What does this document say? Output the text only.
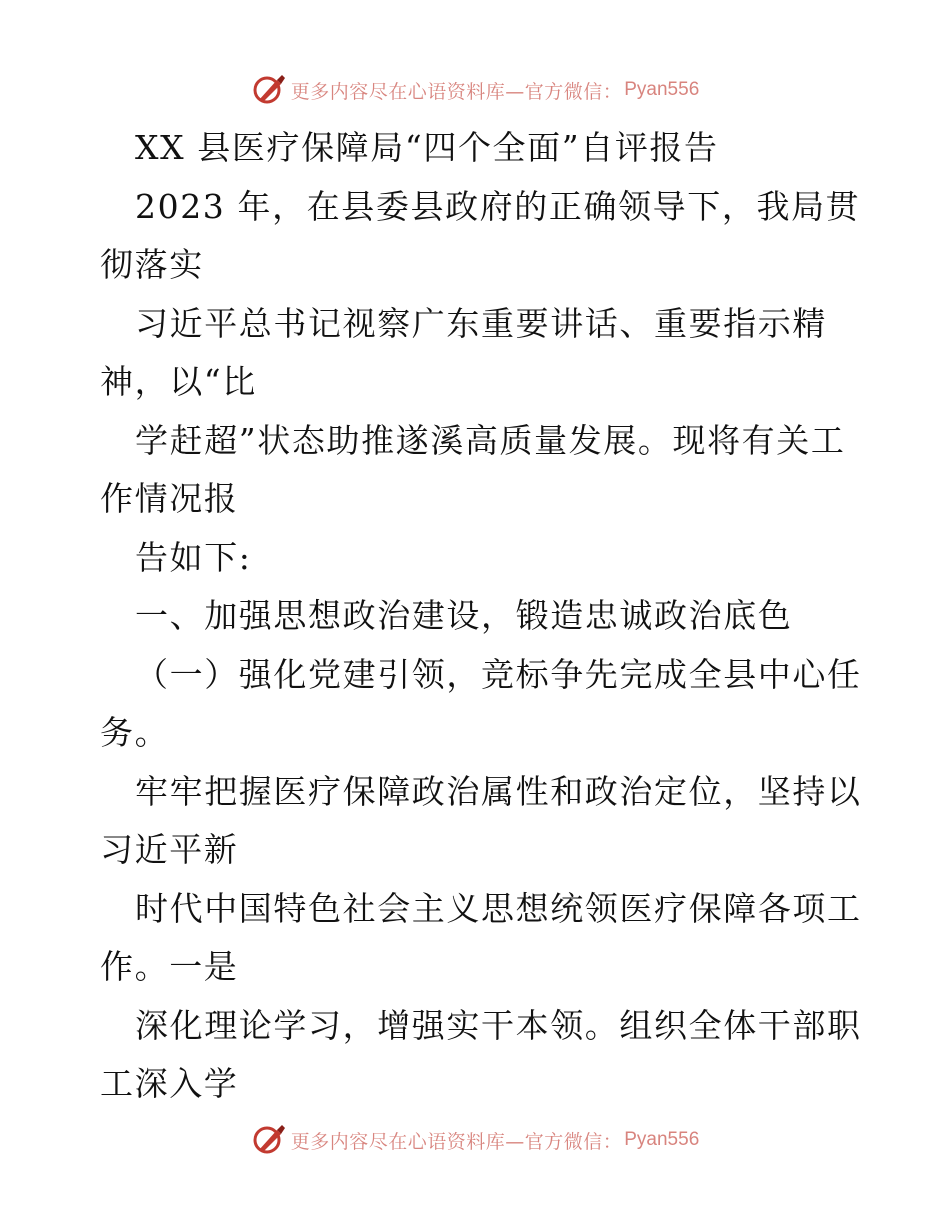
更多内容尽在心语资料库—官方微信： Pyan556
XX 县医疗保障局“四个全面”自评报告
2023 年，在县委县政府的正确领导下，我局贯
彻落实
习近平总书记视察广东重要讲话、重要指示精
神，以“比
学赶超”状态助推遂溪高质量发展。现将有关工
作情况报
告如下:
一、加强思想政治建设，锻造忠诚政治底色
（一）强化党建引领，竞标争先完成全县中心任
务。
牢牢把握医疗保障政治属性和政治定位，坚持以
习近平新
时代中国特色社会主义思想统领医疗保障各项工
作。一是
深化理论学习，增强实干本领。组织全体干部职
工深入学
更多内容尽在心语资料库—官方微信： Pyan556
